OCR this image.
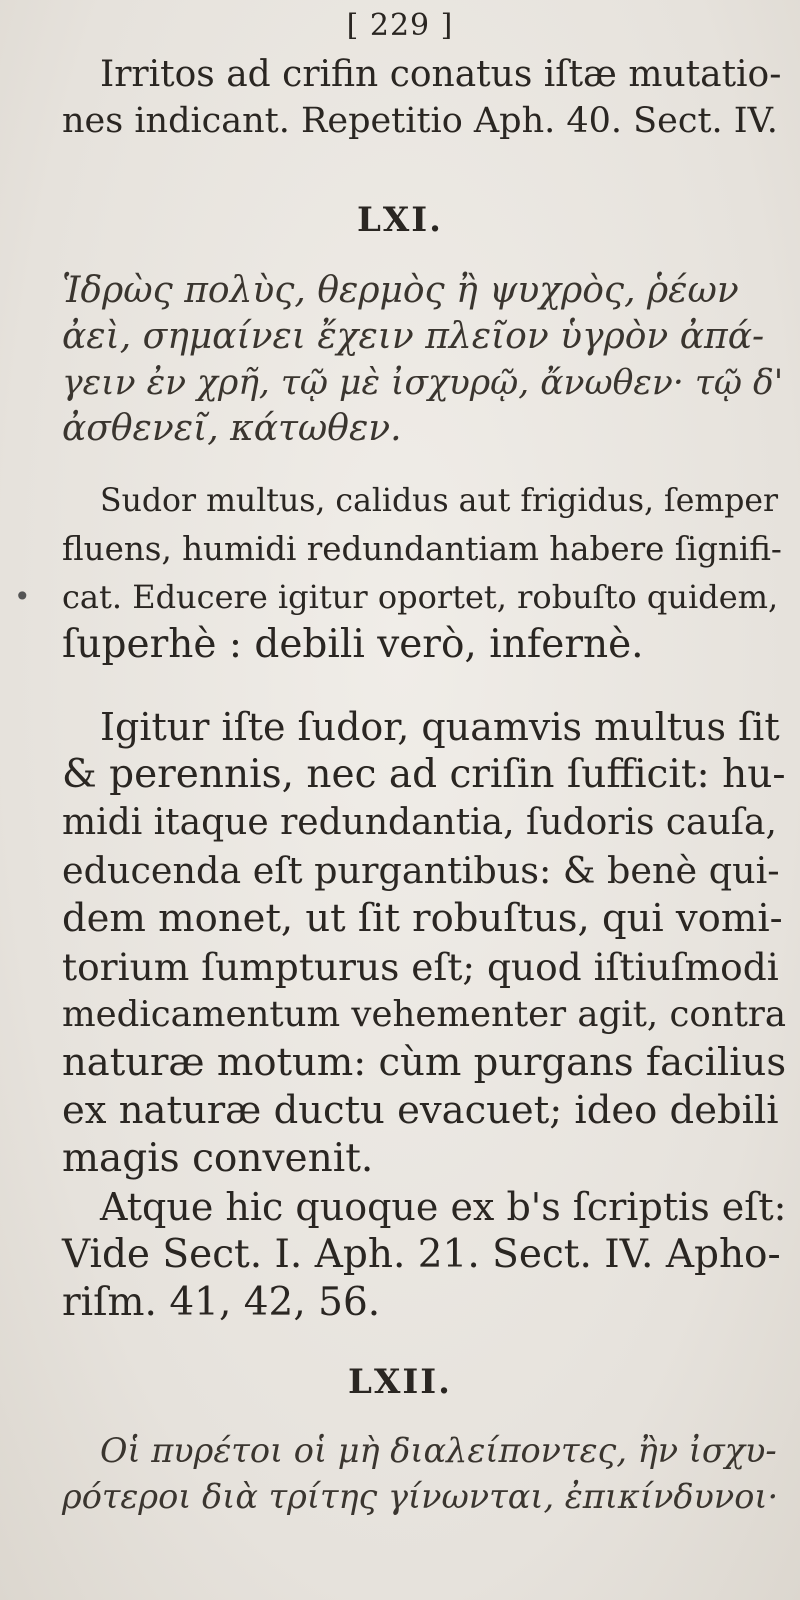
[ 229 ]
Irritos ad crifin conatus iſtæ mutatio-
nes indicant. Repetitio Aph. 40. Sect. IV.
LXI.
Ἱδρὼς πολὺς, θερμὸς ἢ ψυχρὸς, ῥέων
ἀεὶ, σημαίνει ἔχειν πλεῖον ὑγρὸν ἀπά-
γειν ἐν χρῆ, τῷ μὲ ἰσχυρῷ, ἄνωθεν· τῷ δ'
ἀσθενεῖ, κάτωθεν.
Sudor multus, calidus aut frigidus, ſemper
fluens, humidi redundantiam habere ſignifi-
cat. Educere igitur oportet, robuſto quidem,
ſuperhè : debili verò, infernè.
•
Igitur iſte ſudor, quamvis multus ſit
& perennis, nec ad criſin ſufficit: hu-
midi itaque redundantia, ſudoris cauſa,
educenda eſt purgantibus: & benè qui-
dem monet, ut ſit robuſtus, qui vomi-
torium ſumpturus eſt; quod iſtiuſmodi
medicamentum vehementer agit, contra
naturæ motum: cùm purgans facilius
ex naturæ ductu evacuet; ideo debili
magis convenit.
Atque hic quoque ex b's ſcriptis eſt:
Vide Sect. I. Aph. 21. Sect. IV. Apho-
riſm. 41, 42, 56.
LXII.
Οἱ πυρέτοι οἱ μὴ διαλείποντες, ἢν ἰσχυ-
ρότεροι διὰ τρίτης γίνωνται, ἐπικίνδυνοι·
